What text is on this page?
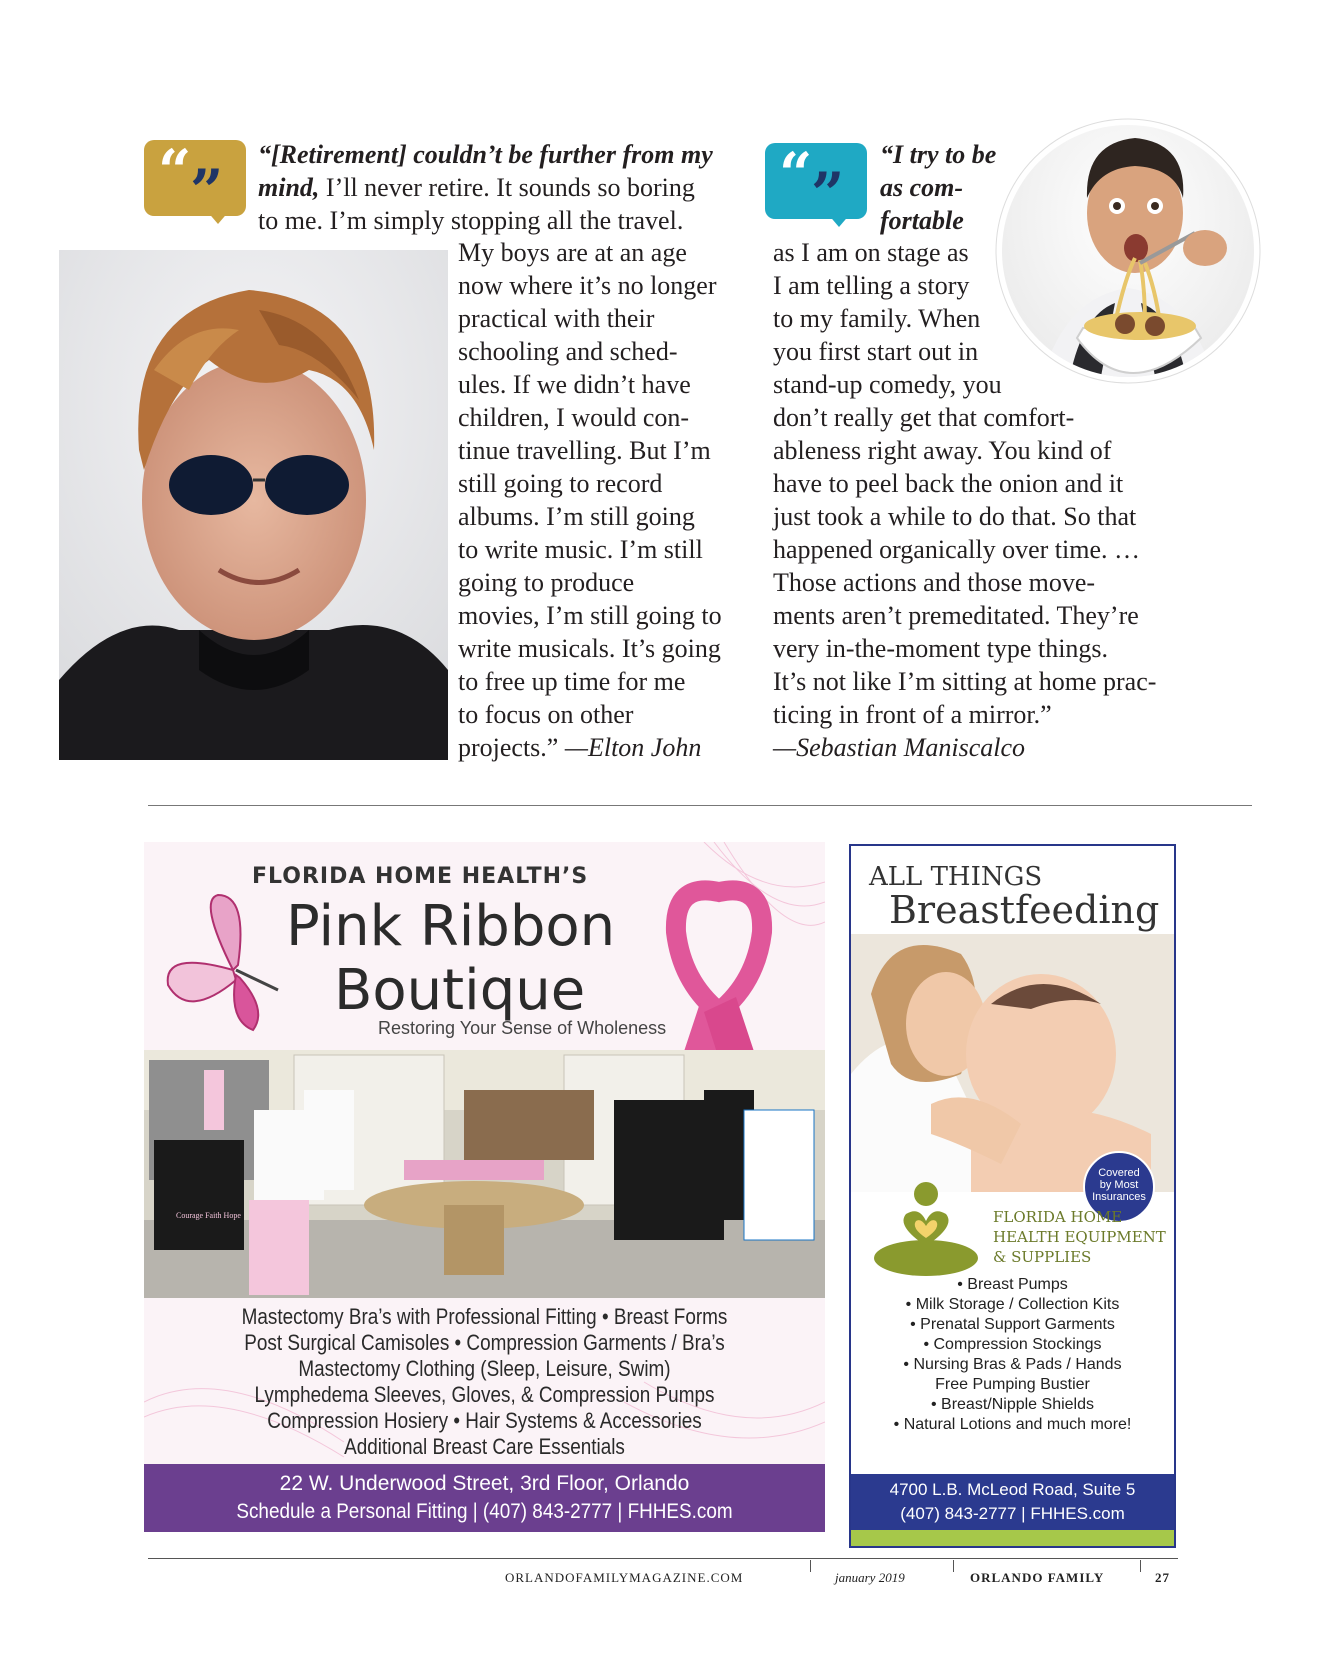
“
”
“[Retirement] couldn’t be further from my
mind, I’ll never retire. It sounds so boring
to me. I’m simply stopping all the travel.
My boys are at an age
now where it’s no longer
practical with their
schooling and sched-
ules. If we didn’t have
children, I would con-
tinue travelling. But I’m
still going to record
albums. I’m still going
to write music. I’m still
going to produce
movies, I’m still going to
write musicals. It’s going
to free up time for me
to focus on other
projects.” —Elton John
“
”
“I try to be
as com-
fortable
as I am on stage as
I am telling a story
to my family. When
you first start out in
stand-up comedy, you
don’t really get that comfort-
ableness right away. You kind of
have to peel back the onion and it
just took a while to do that. So that
happened organically over time. …
Those actions and those move-
ments aren’t premeditated. They’re
very in-the-moment type things.
It’s not like I’m sitting at home prac-
ticing in front of a mirror.”
—Sebastian Maniscalco
FLORIDA HOME HEALTH’S
Pink Ribbon
Boutique
Restoring Your Sense of Wholeness
Courage Faith Hope
Mastectomy Bra’s with Professional Fitting • Breast Forms
Post Surgical Camisoles • Compression Garments / Bra’s
Mastectomy Clothing (Sleep, Leisure, Swim)
Lymphedema Sleeves, Gloves, & Compression Pumps
Compression Hosiery • Hair Systems & Accessories
Additional Breast Care Essentials
22 W. Underwood Street, 3rd Floor, Orlando
Schedule a Personal Fitting | (407) 843-2777 | FHHES.com
ALL THINGS
Breastfeeding
Covered
by Most
Insurances
FLORIDA HOME
HEALTH EQUIPMENT
& SUPPLIES
• Breast Pumps
• Milk Storage / Collection Kits
• Prenatal Support Garments
• Compression Stockings
• Nursing Bras & Pads / Hands
Free Pumping Bustier
• Breast/Nipple Shields
• Natural Lotions and much more!
4700 L.B. McLeod Road, Suite 5
(407) 843-2777 | FHHES.com
ORLANDOFAMILYMAGAZINE.COM	january 2019	ORLANDO FAMILY	27
